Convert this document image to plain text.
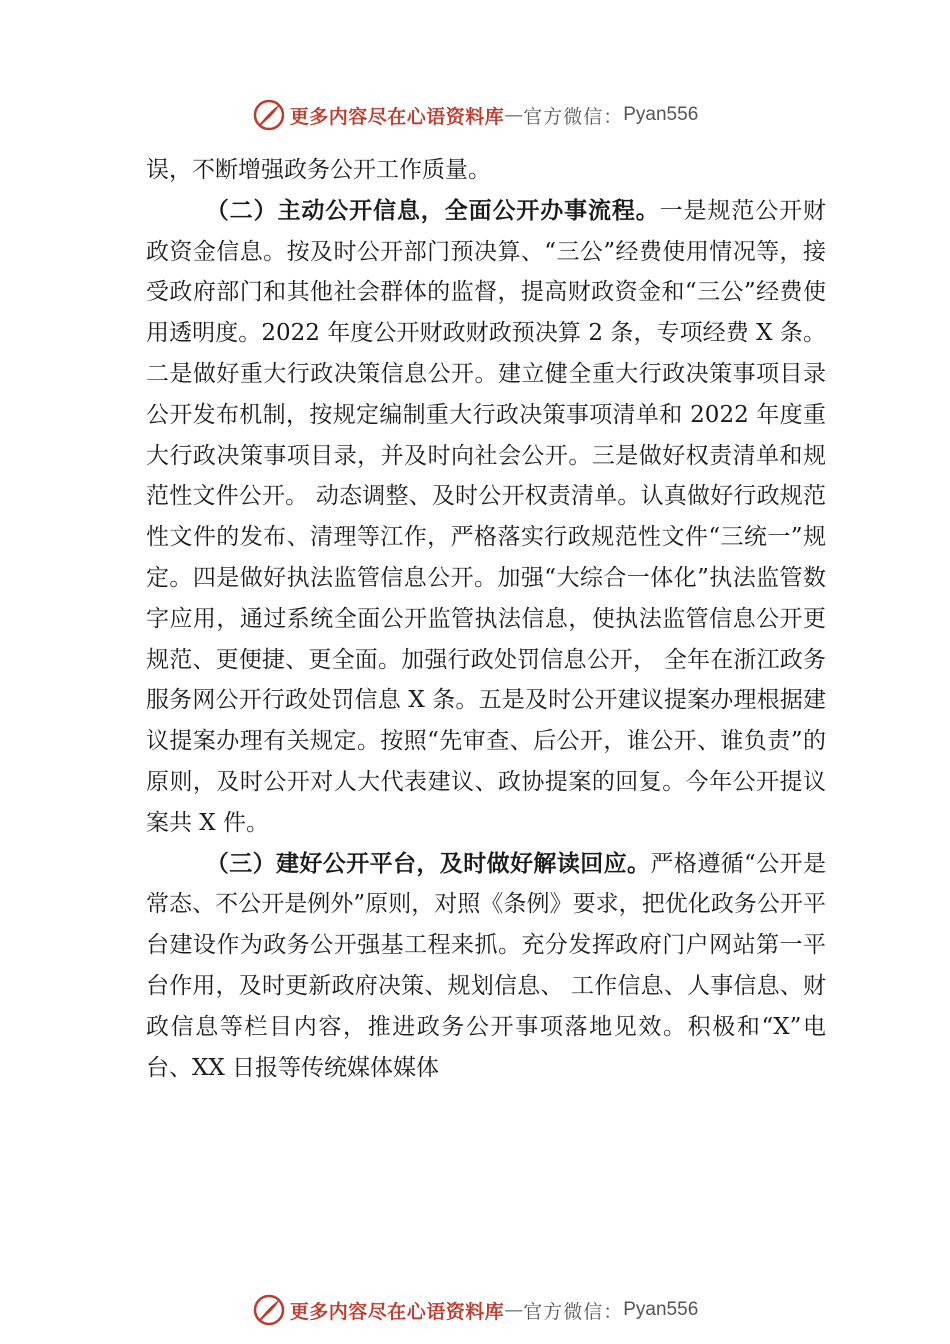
更多内容尽在心语资料库 — 官方微信： Pyan556

误，不断增强政务公开工作质量。

（二）主动公开信息，全面公开办事流程。一是规范公开财政资金信息。按及时公开部门预决算、“三公”经费使用情况等，接受政府部门和其他社会群体的监督，提高财政资金和“三公”经费使用透明度。2022 年度公开财政财政预决算 2 条，专项经费 X 条。二是做好重大行政决策信息公开。建立健全重大行政决策事项目录公开发布机制，按规定编制重大行政决策事项清单和 2022 年度重大行政决策事项目录，并及时向社会公开。三是做好权责清单和规范性文件公开。 动态调整、及时公开权责清单。认真做好行政规范性文件的发布、清理等江作，严格落实行政规范性文件“三统一”规定。四是做好执法监管信息公开。加强“大综合一体化”执法监管数字应用，通过系统全面公开监管执法信息，使执法监管信息公开更规范、更便捷、更全面。加强行政处罚信息公开， 全年在浙江政务服务网公开行政处罚信息 X 条。五是及时公开建议提案办理根据建议提案办理有关规定。按照“先审查、后公开，谁公开、谁负责”的原则，及时公开对人大代表建议、政协提案的回复。今年公开提议案共 X 件。

（三）建好公开平台，及时做好解读回应。严格遵循“公开是常态、不公开是例外”原则，对照《条例》要求，把优化政务公开平台建设作为政务公开强基工程来抓。充分发挥政府门户网站第一平台作用，及时更新政府决策、规划信息、 工作信息、人事信息、财政信息等栏目内容，推进政务公开事项落地见效。积极和“X”电台、XX 日报等传统媒体媒体

更多内容尽在心语资料库 — 官方微信： Pyan556
